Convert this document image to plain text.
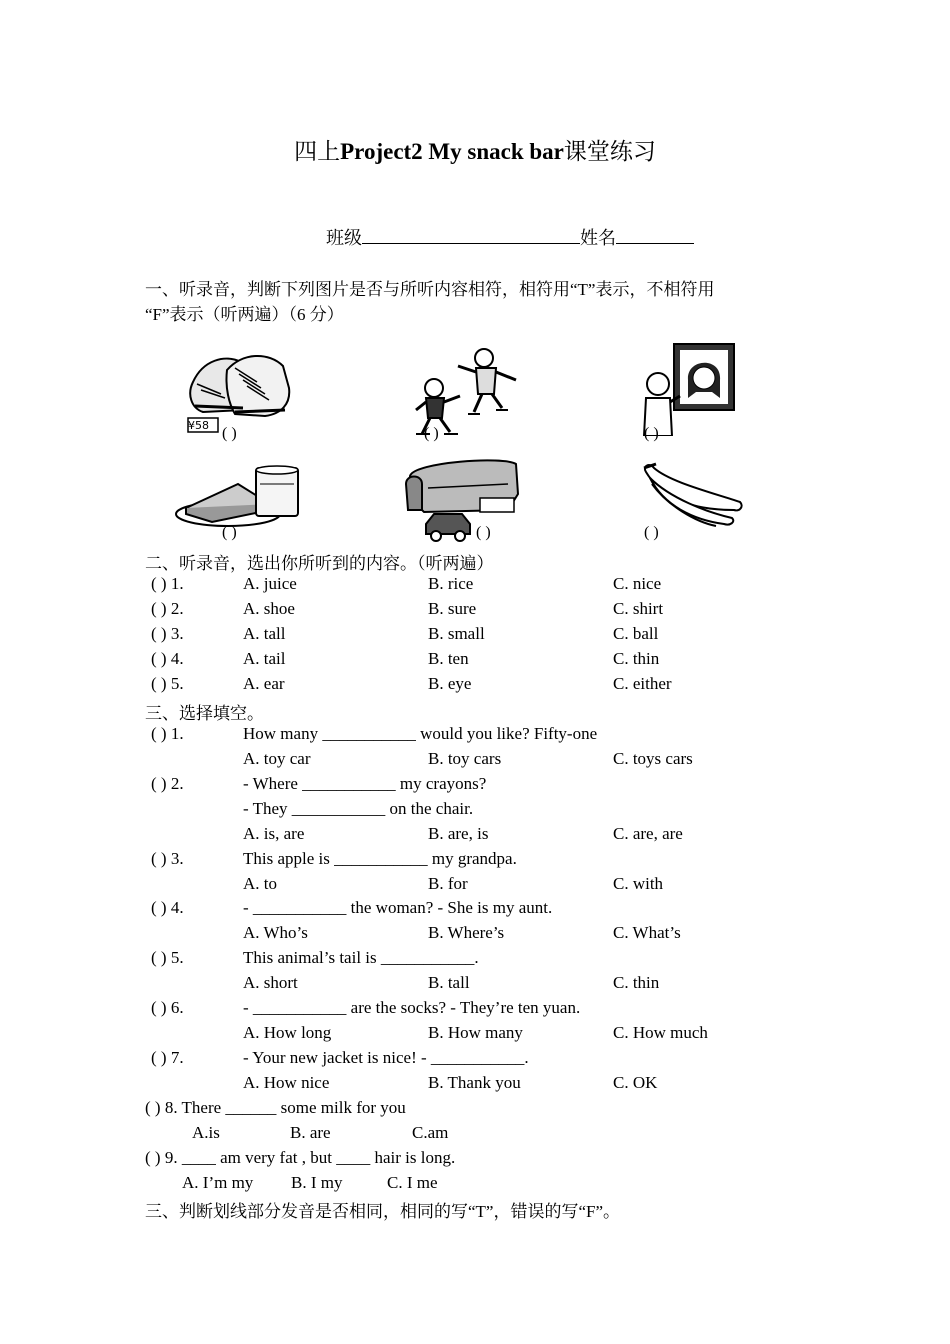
四上Project2 My snack bar课堂练习
班级	姓名
一、听录音，判断下列图片是否与所听内容相符，相符用“T”表示，不相符用
“F”表示（听两遍）（6 分）
¥58 ( )	( )	( )
( )	( )	( )
二、听录音，选出你所听到的内容。（听两遍）
( ) 1.	A. juice	B. rice	C. nice
( ) 2.	A. shoe	B. sure	C. shirt
( ) 3.	A. tall	B. small	C. ball
( ) 4.	A. tail	B. ten	C. thin
( ) 5.	A. ear	B. eye	C. either
三、选择填空。
( ) 1.	How many ___________ would you like? Fifty-one
A. toy car	B. toy cars	C. toys cars
( ) 2.	- Where ___________ my crayons?
- They ___________ on the chair.
A. is, are	B. are, is	C. are, are
( ) 3.	This apple is ___________ my grandpa.
A. to	B. for	C. with
( ) 4.	- ___________ the woman? - She is my aunt.
A. Who’s	B. Where’s	C. What’s
( ) 5.	This animal’s tail is ___________.
A. short	B. tall	C. thin
( ) 6.	- ___________ are the socks? - They’re ten yuan.
A. How long	B. How many	C. How much
( ) 7.	- Your new jacket is nice! - ___________.
A. How nice	B. Thank you	C. OK
( ) 8. There ______ some milk for you
A.is	B. are	C.am
( ) 9. ____ am very fat , but ____ hair is long.
A. I’m my B. I my	C. I me
三、判断划线部分发音是否相同，相同的写“T”，错误的写“F”。
